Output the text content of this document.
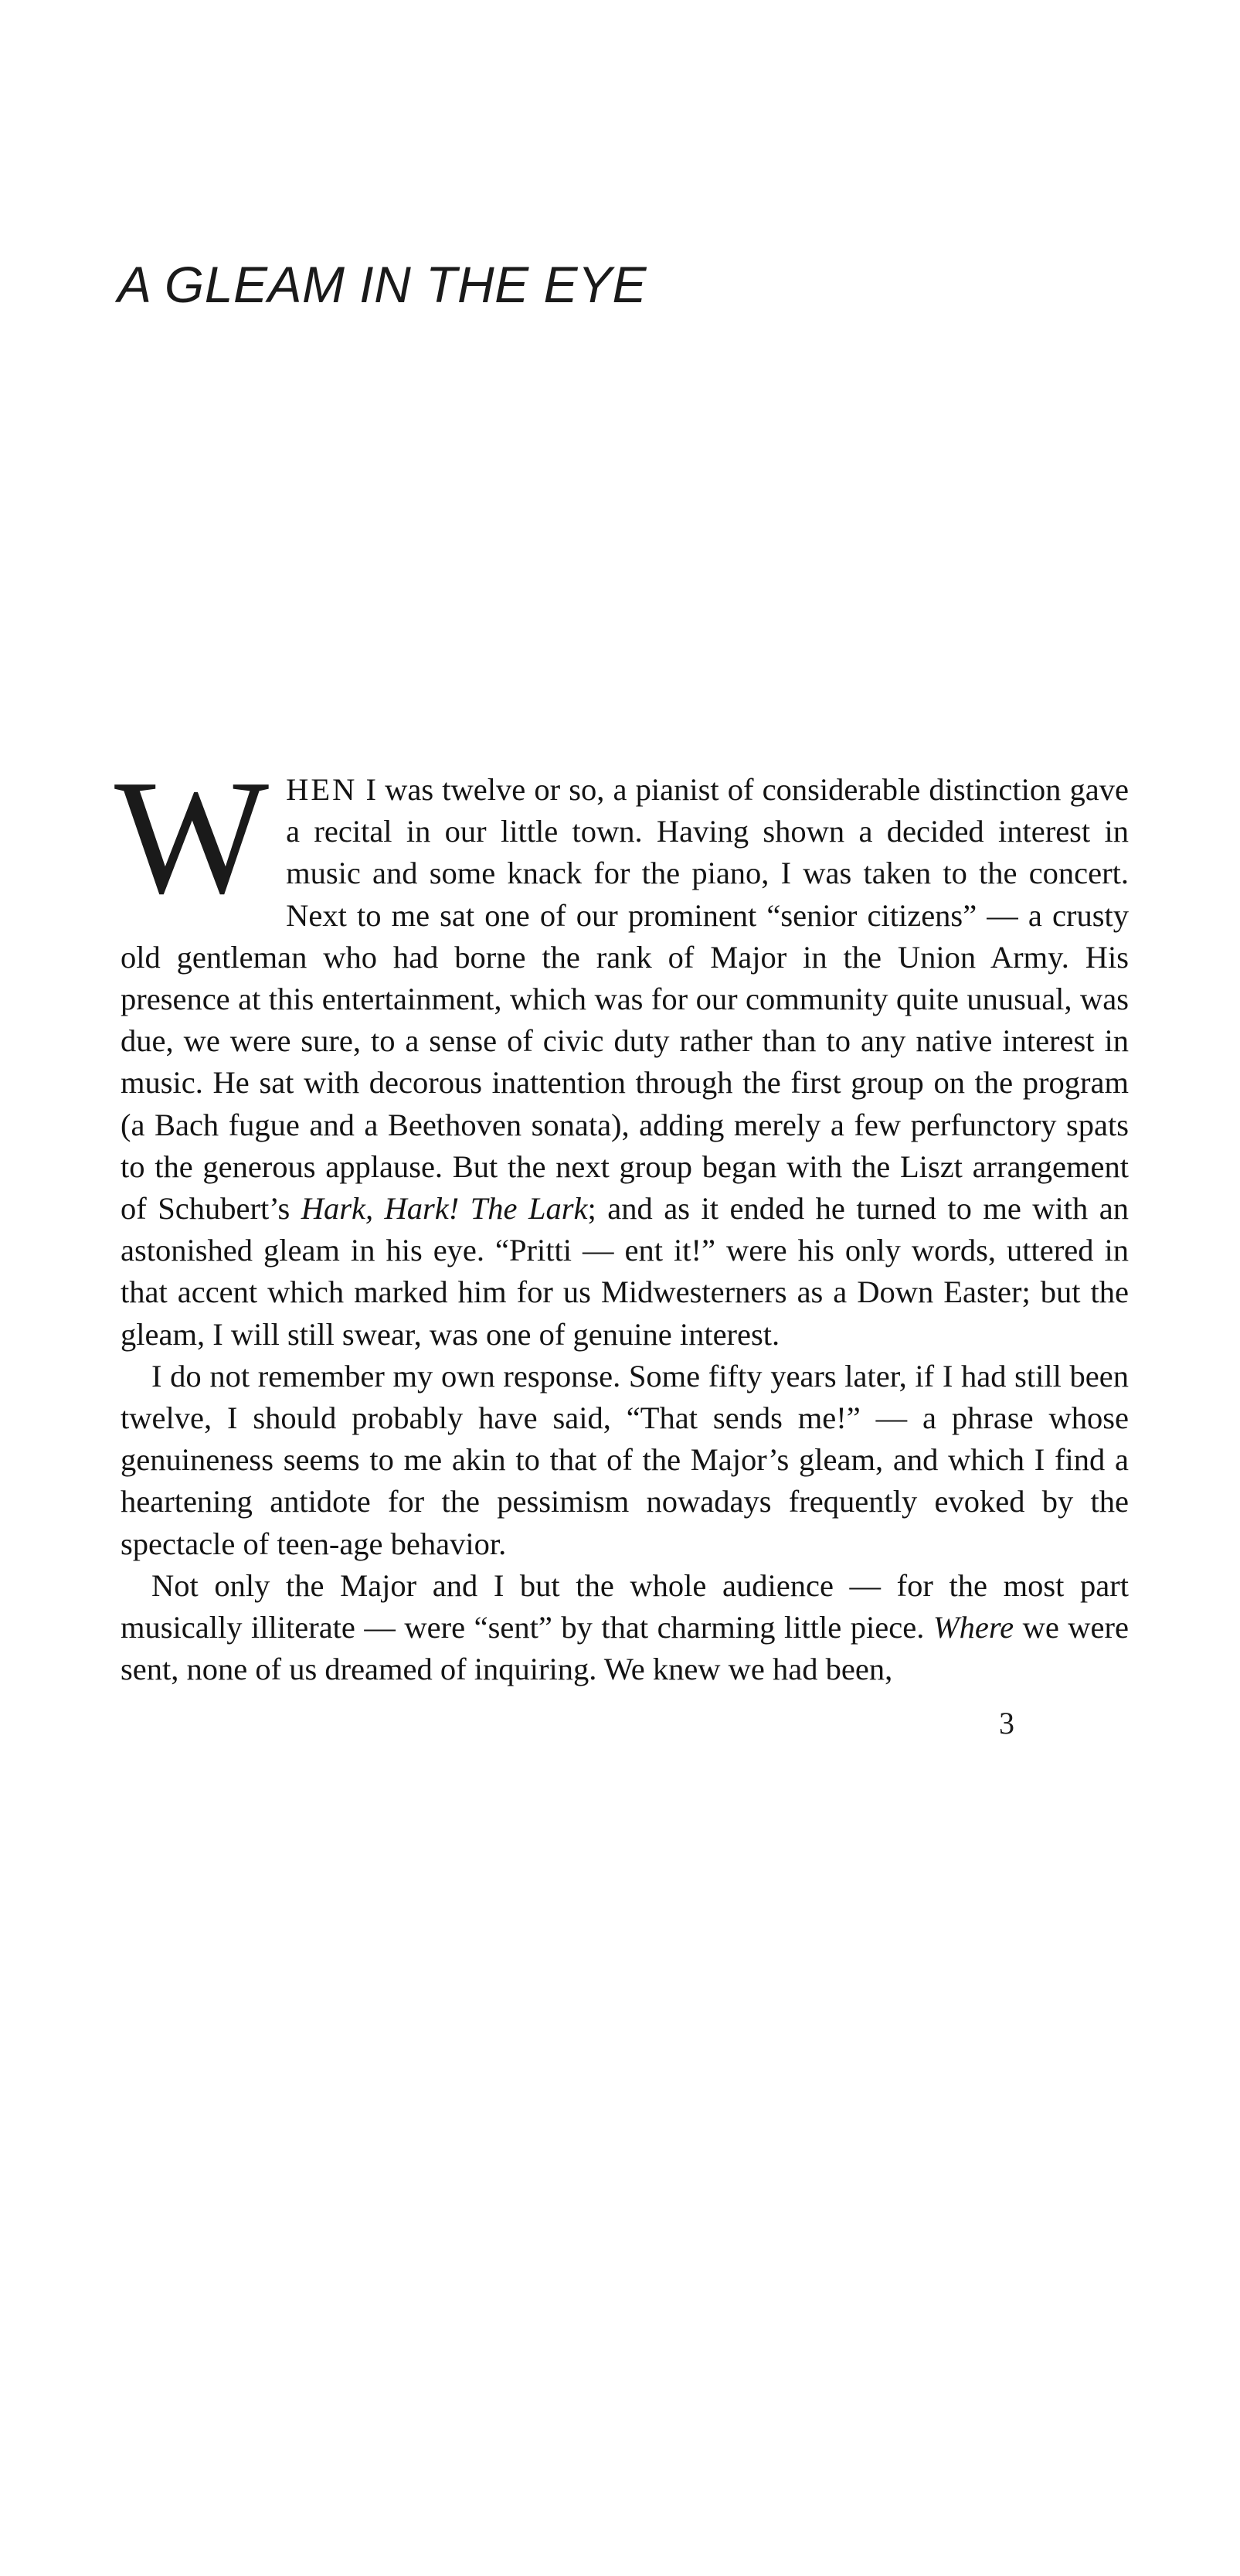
A GLEAM IN THE EYE

WHEN I was twelve or so, a pianist of considerable distinction gave a recital in our little town. Having shown a decided interest in music and some knack for the piano, I was taken to the concert. Next to me sat one of our prominent “senior citizens” — a crusty old gentleman who had borne the rank of Major in the Union Army. His presence at this entertainment, which was for our community quite unusual, was due, we were sure, to a sense of civic duty rather than to any native interest in music. He sat with decorous inattention through the first group on the program (a Bach fugue and a Beethoven sonata), adding merely a few perfunctory spats to the generous applause. But the next group began with the Liszt arrangement of Schubert’s Hark, Hark! The Lark; and as it ended he turned to me with an astonished gleam in his eye. “Pritti — ent it!” were his only words, uttered in that accent which marked him for us Midwesterners as a Down Easter; but the gleam, I will still swear, was one of genuine interest.

I do not remember my own response. Some fifty years later, if I had still been twelve, I should probably have said, “That sends me!” — a phrase whose genuineness seems to me akin to that of the Major’s gleam, and which I find a heartening antidote for the pessimism nowadays frequently evoked by the spectacle of teen-age behavior.

Not only the Major and I but the whole audience — for the most part musically illiterate — were “sent” by that charming little piece. Where we were sent, none of us dreamed of inquiring. We knew we had been,

3
